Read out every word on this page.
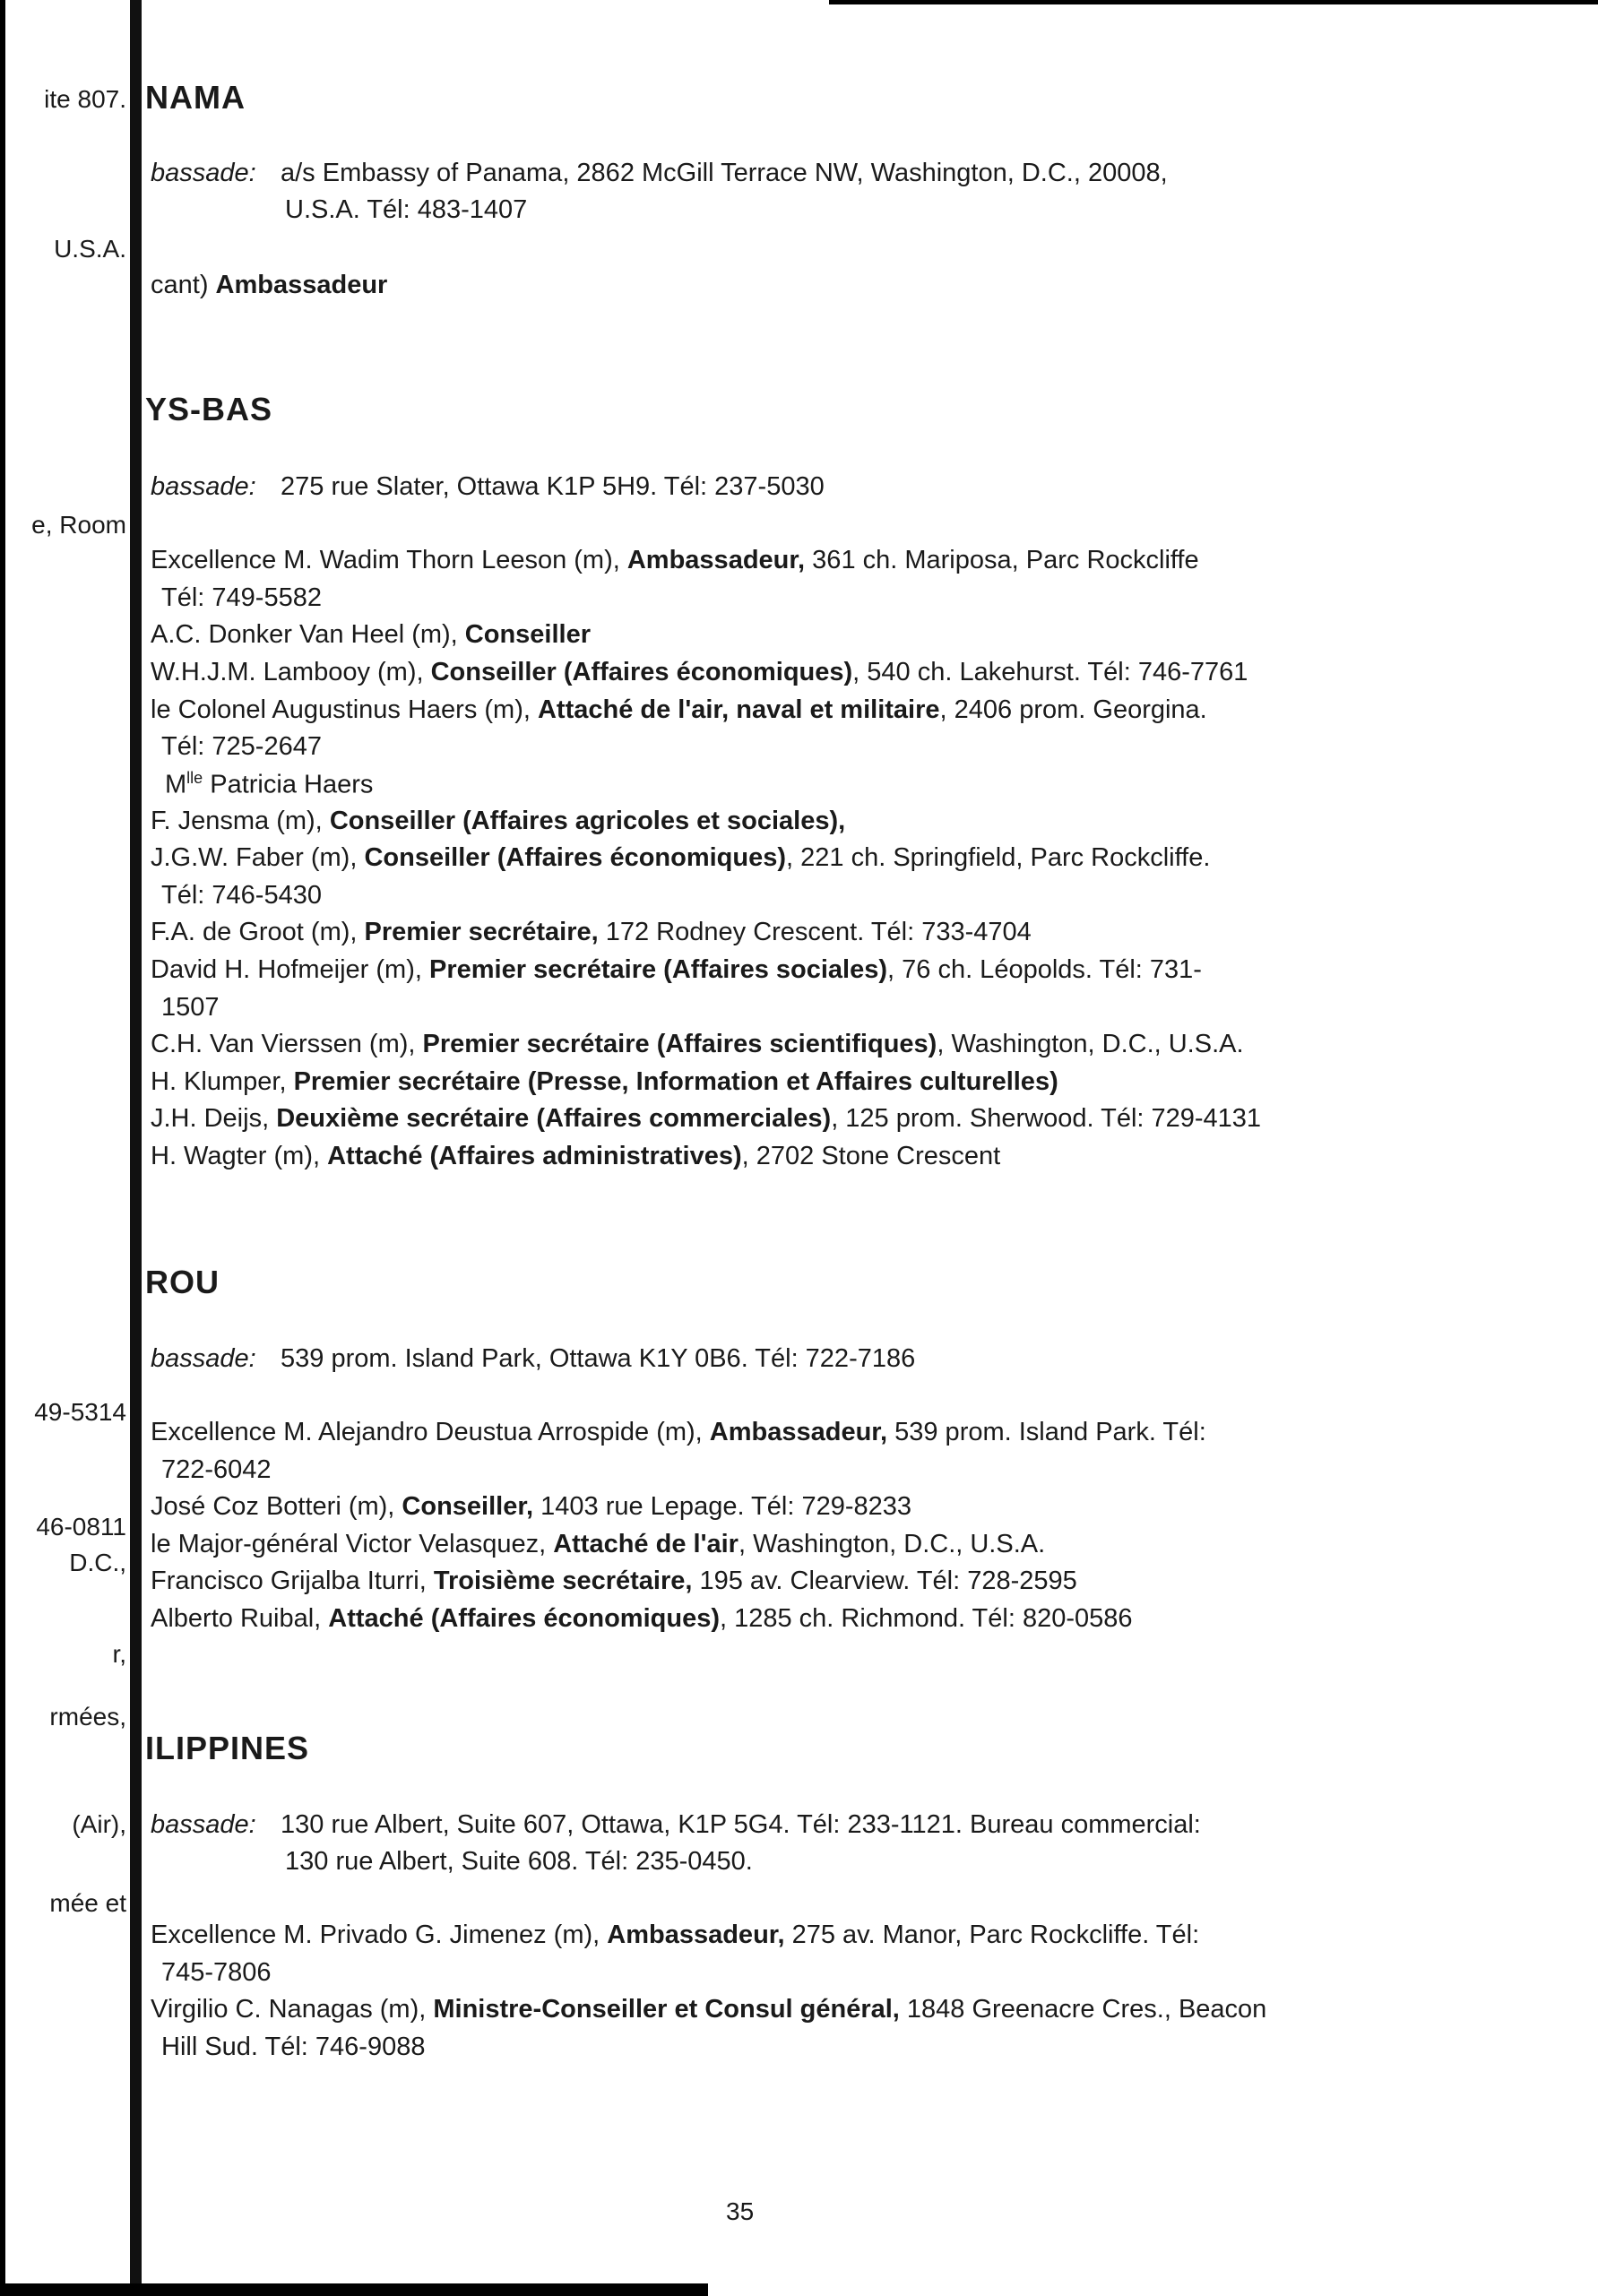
ite 807.
U.S.A.
e, Room
49-5314
46-0811
D.C.,
r,
rmées,
(Air),
mée et
NAMA
bassade: a/s Embassy of Panama, 2862 McGill Terrace NW, Washington, D.C., 20008,
U.S.A. Tél: 483-1407
cant) Ambassadeur
YS-BAS
bassade: 275 rue Slater, Ottawa K1P 5H9. Tél: 237-5030
Excellence M. Wadim Thorn Leeson (m), Ambassadeur, 361 ch. Mariposa, Parc Rockcliffe
Tél: 749-5582
A.C. Donker Van Heel (m), Conseiller
W.H.J.M. Lambooy (m), Conseiller (Affaires économiques), 540 ch. Lakehurst. Tél: 746-7761
le Colonel Augustinus Haers (m), Attaché de l'air, naval et militaire, 2406 prom. Georgina.
Tél: 725-2647
$M^{lle}$ Patricia Haers
F. Jensma (m), Conseiller (Affaires agricoles et sociales),
J.G.W. Faber (m), Conseiller (Affaires économiques), 221 ch. Springfield, Parc Rockcliffe.
Tél: 746-5430
F.A. de Groot (m), Premier secrétaire, 172 Rodney Crescent. Tél: 733-4704
David H. Hofmeijer (m), Premier secrétaire (Affaires sociales), 76 ch. Léopolds. Tél: 731-
1507
C.H. Van Vierssen (m), Premier secrétaire (Affaires scientifiques), Washington, D.C., U.S.A.
H. Klumper, Premier secrétaire (Presse, Information et Affaires culturelles)
J.H. Deijs, Deuxième secrétaire (Affaires commerciales), 125 prom. Sherwood. Tél: 729-4131
H. Wagter (m), Attaché (Affaires administratives), 2702 Stone Crescent
ROU
bassade: 539 prom. Island Park, Ottawa K1Y 0B6. Tél: 722-7186
Excellence M. Alejandro Deustua Arrospide (m), Ambassadeur, 539 prom. Island Park. Tél:
722-6042
José Coz Botteri (m), Conseiller, 1403 rue Lepage. Tél: 729-8233
le Major-général Victor Velasquez, Attaché de l'air, Washington, D.C., U.S.A.
Francisco Grijalba Iturri, Troisième secrétaire, 195 av. Clearview. Tél: 728-2595
Alberto Ruibal, Attaché (Affaires économiques), 1285 ch. Richmond. Tél: 820-0586
ILIPPINES
bassade: 130 rue Albert, Suite 607, Ottawa, K1P 5G4. Tél: 233-1121. Bureau commercial:
130 rue Albert, Suite 608. Tél: 235-0450.
Excellence M. Privado G. Jimenez (m), Ambassadeur, 275 av. Manor, Parc Rockcliffe. Tél:
745-7806
Virgilio C. Nanagas (m), Ministre-Conseiller et Consul général, 1848 Greenacre Cres., Beacon
Hill Sud. Tél: 746-9088
35
